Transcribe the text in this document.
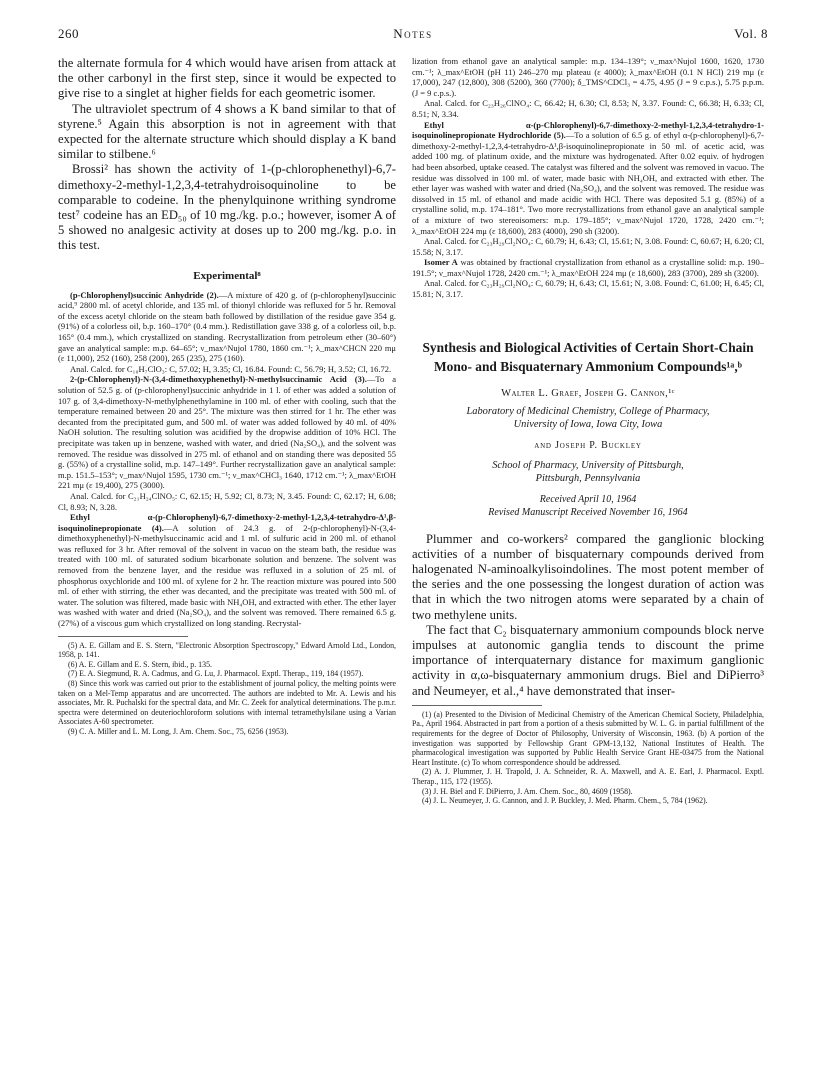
260	Notes	Vol. 8

the alternate formula for 4 which would have arisen from attack at the other carbonyl in the first step, since it would be expected to give rise to a singlet at higher fields for each geometric isomer.

The ultraviolet spectrum of 4 shows a K band similar to that of styrene.⁵ Again this absorption is not in agreement with that expected for the alternate structure which should display a K band similar to stilbene.⁶

Brossi² has shown the activity of 1-(p-chlorophenethyl)-6,7-dimethoxy-2-methyl-1,2,3,4-tetrahydroisoquinoline to be comparable to codeine. In the phenylquinone writhing syndrome test⁷ codeine has an ED₅₀ of 10 mg./kg. p.o.; however, isomer A of 5 showed no analgesic activity at doses up to 200 mg./kg. p.o. in this test.

Experimental⁸

(p-Chlorophenyl)succinic Anhydride (2).—A mixture of 420 g. of (p-chlorophenyl)succinic acid,⁹ 2800 ml. of acetyl chloride, and 135 ml. of thionyl chloride was refluxed for 5 hr. Removal of the excess acetyl chloride on the steam bath followed by distillation of the residue gave 354 g. (91%) of a colorless oil, b.p. 160–170° (0.4 mm.). Redistillation gave 338 g. of a colorless oil, b.p. 165° (0.4 mm.), which crystallized on standing. Recrystallization from petroleum ether (30–60°) gave an analytical sample: m.p. 64–65°; ν_max^Nujol 1780, 1860 cm.⁻¹; λ_max^CHCN 220 mμ (ε 11,000), 252 (160), 258 (200), 265 (235), 275 (160).

Anal. Calcd. for C₁₀H₇ClO₃: C, 57.02; H, 3.35; Cl, 16.84. Found: C, 56.79; H, 3.52; Cl, 16.72.

2-(p-Chlorophenyl)-N-(3,4-dimethoxyphenethyl)-N-methylsuccinamic Acid (3).—To a solution of 52.5 g. of (p-chlorophenyl)succinic anhydride in 1 l. of ether was added a solution of 107 g. of 3,4-dimethoxy-N-methylphenethylamine in 100 ml. of ether with cooling, such that the temperature remained between 20 and 25°. The mixture was then stirred for 1 hr. The ether was decanted from the precipitated gum, and 500 ml. of water was added followed by 40 ml. of 40% NaOH solution. The resulting solution was acidified by the dropwise addition of 10% HCl. The precipitate was taken up in benzene, washed with water, and dried (Na₂SO₄), and the solvent was removed. The residue was dissolved in 275 ml. of ethanol and on standing there was deposited 55 g. (55%) of a crystalline solid, m.p. 147–149°. Further recrystallization gave an analytical sample: m.p. 151.5–153°; ν_max^Nujol 1595, 1730 cm.⁻¹; ν_max^CHCl₃ 1640, 1712 cm.⁻¹; λ_max^EtOH 221 mμ (ε 19,400), 275 (3000).

Anal. Calcd. for C₂₁H₂₄ClNO₅: C, 62.15; H, 5.92; Cl, 8.73; N, 3.45. Found: C, 62.17; H, 6.08; Cl, 8.93; N, 3.28.

Ethyl α-(p-Chlorophenyl)-6,7-dimethoxy-2-methyl-1,2,3,4-tetrahydro-Δ¹,β-isoquinolinepropionate (4).—A solution of 24.3 g. of 2-(p-chlorophenyl)-N-(3,4-dimethoxyphenethyl)-N-methylsuccinamic acid and 1 ml. of sulfuric acid in 200 ml. of ethanol was refluxed for 3 hr. After removal of the solvent in vacuo on the steam bath, the residue was treated with 100 ml. of saturated sodium bicarbonate solution and benzene. The solvent was removed from the benzene layer, and the residue was refluxed in a solution of 25 ml. of phosphorus oxychloride and 100 ml. of xylene for 2 hr. The reaction mixture was poured into 500 ml. of ether with stirring, the ether was decanted, and the precipitate was treated with 500 ml. of water. The solution was filtered, made basic with NH₄OH, and extracted with ether. The ether layer was washed with water and dried (Na₂SO₄), and the solvent was removed. There remained 6.5 g. (27%) of a viscous gum which crystallized on long standing. Recrystal-

(5) A. E. Gillam and E. S. Stern, "Electronic Absorption Spectroscopy," Edward Arnold Ltd., London, 1958, p. 141.

(6) A. E. Gillam and E. S. Stern, ibid., p. 135.

(7) E. A. Siegmund, R. A. Cadmus, and G. Lu, J. Pharmacol. Exptl. Therap., 119, 184 (1957).

(8) Since this work was carried out prior to the establishment of journal policy, the melting points were taken on a Mel-Temp apparatus and are uncorrected. The authors are indebted to Mr. A. Lewis and his associates, Mr. R. Puchalski for the spectral data, and Mr. C. Zeek for analytical determinations. The p.m.r. spectra were determined on deuteriochloroform solutions with internal tetramethylsilane using a Varian Associates A-60 spectrometer.

(9) C. A. Miller and L. M. Long, J. Am. Chem. Soc., 75, 6256 (1953).

lization from ethanol gave an analytical sample: m.p. 134–139°; ν_max^Nujol 1600, 1620, 1730 cm.⁻¹; λ_max^EtOH (pH 11) 246–270 mμ plateau (ε 4000); λ_max^EtOH (0.1 N HCl) 219 mμ (ε 17,000), 247 (12,800), 308 (5200), 360 (7700); δ_TMS^CDCl₃ = 4.75, 4.95 (J = 9 c.p.s.), 5.75 p.p.m. (J = 9 c.p.s.).

Anal. Calcd. for C₂₃H₂₆ClNO₄: C, 66.42; H, 6.30; Cl, 8.53; N, 3.37. Found: C, 66.38; H, 6.33; Cl, 8.51; N, 3.34.

Ethyl α-(p-Chlorophenyl)-6,7-dimethoxy-2-methyl-1,2,3,4-tetrahydro-1-isoquinolinepropionate Hydrochloride (5).—To a solution of 6.5 g. of ethyl α-(p-chlorophenyl)-6,7-dimethoxy-2-methyl-1,2,3,4-tetrahydro-Δ¹,β-isoquinolinepropionate in 50 ml. of acetic acid, was added 100 mg. of platinum oxide, and the mixture was hydrogenated. After 0.02 equiv. of hydrogen had been absorbed, uptake ceased. The catalyst was filtered and the solvent was removed in vacuo. The residue was dissolved in 100 ml. of water, made basic with NH₄OH, and extracted with ether. The ether layer was washed with water and dried (Na₂SO₄), and the solvent was removed. The residue was dissolved in 15 ml. of ethanol and made acidic with HCl. There was deposited 5.1 g. (85%) of a crystalline solid, m.p. 174–181°. Two more recrystallizations from ethanol gave an analytical sample of a mixture of two stereoisomers: m.p. 179–185°; ν_max^Nujol 1720, 1728, 2420 cm.⁻¹; λ_max^EtOH 224 mμ (ε 18,600), 283 (4000), 290 sh (3200).

Anal. Calcd. for C₂₃H₂₉Cl₂NO₄: C, 60.79; H, 6.43; Cl, 15.61; N, 3.08. Found: C, 60.67; H, 6.20; Cl, 15.58; N, 3.17.

Isomer A was obtained by fractional crystallization from ethanol as a crystalline solid: m.p. 190–191.5°; ν_max^Nujol 1728, 2420 cm.⁻¹; λ_max^EtOH 224 mμ (ε 18,600), 283 (3700), 289 sh (3200).

Anal. Calcd. for C₂₃H₂₉Cl₂NO₄: C, 60.79; H, 6.43; Cl, 15.61; N, 3.08. Found: C, 61.00; H, 6.45; Cl, 15.81; N, 3.17.

Synthesis and Biological Activities of Certain Short-Chain Mono- and Bisquaternary Ammonium Compounds¹ᵃ,ᵇ
Walter L. Graef, Joseph G. Cannon,¹ᶜ
Laboratory of Medicinal Chemistry, College of Pharmacy,
University of Iowa, Iowa City, Iowa
and Joseph P. Buckley
School of Pharmacy, University of Pittsburgh,
Pittsburgh, Pennsylvania
Received April 10, 1964
Revised Manuscript Received November 16, 1964

Plummer and co-workers² compared the ganglionic blocking activities of a number of bisquaternary compounds derived from halogenated N-aminoalkylisoindolines. The most potent member of the series and the one possessing the longest duration of action was that in which the two nitrogen atoms were separated by a chain of two methylene units.

The fact that C₂ bisquaternary ammonium compounds block nerve impulses at autonomic ganglia tends to discount the prime importance of interquaternary distance for maximum ganglionic activity in α,ω-bisquaternary ammonium drugs. Biel and DiPierro³ and Neumeyer, et al.,⁴ have demonstrated that inser-

(1) (a) Presented to the Division of Medicinal Chemistry of the American Chemical Society, Philadelphia, Pa., April 1964. Abstracted in part from a portion of a thesis submitted by W. L. G. in partial fulfillment of the requirements for the degree of Doctor of Philosophy, University of Wisconsin, 1963. (b) A portion of the investigation was supported by Fellowship Grant GPM-13,132, National Institutes of Health. The pharmacological investigation was supported by Public Health Service Grant HE-03475 from the National Heart Institute. (c) To whom correspondence should be addressed.

(2) A. J. Plummer, J. H. Trapold, J. A. Schneider, R. A. Maxwell, and A. E. Earl, J. Pharmacol. Exptl. Therap., 115, 172 (1955).

(3) J. H. Biel and F. DiPierro, J. Am. Chem. Soc., 80, 4609 (1958).

(4) J. L. Neumeyer, J. G. Cannon, and J. P. Buckley, J. Med. Pharm. Chem., 5, 784 (1962).
